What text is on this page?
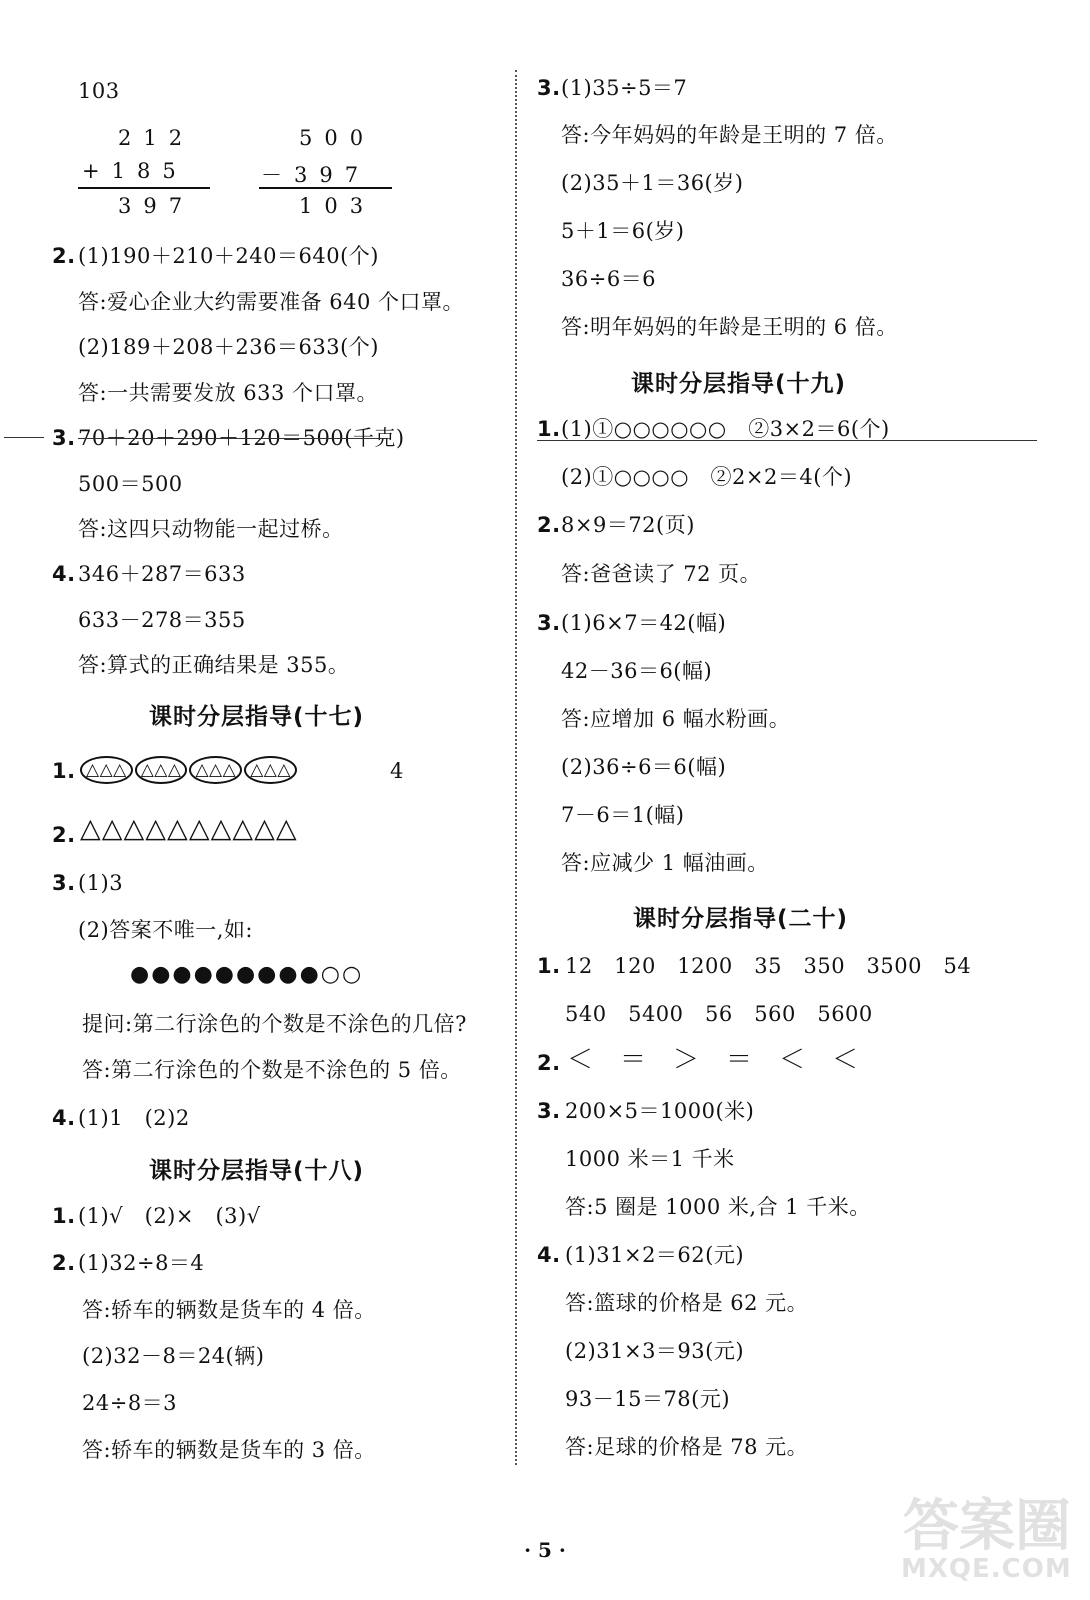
103
212
+185
397
500
－397
103
2. (1)190＋210＋240＝640(个)
答:爱心企业大约需要准备 640 个口罩。
(2)189＋208＋236＝633(个)
答:一共需要发放 633 个口罩。
3. 70＋20＋290＋120＝500(千克)
500＝500
答:这四只动物能一起过桥。
4. 346＋287＝633
633－278＝355
答:算式的正确结果是 355。
课时分层指导(十七)
1. △△△ △△△ △△△ △△△	4
2. △△△△△△△△△△
3. (1)3
(2)答案不唯一,如:
●●●●●●●●●○○
提问:第二行涂色的个数是不涂色的几倍?
答:第二行涂色的个数是不涂色的 5 倍。
4. (1)1　(2)2
课时分层指导(十八)
1. (1)√　(2)×　(3)√
2. (1)32÷8＝4
答:轿车的辆数是货车的 4 倍。
(2)32－8＝24(辆)
24÷8＝3
答:轿车的辆数是货车的 3 倍。
3. (1)35÷5＝7
答:今年妈妈的年龄是王明的 7 倍。
(2)35＋1＝36(岁)
5＋1＝6(岁)
36÷6＝6
答:明年妈妈的年龄是王明的 6 倍。
课时分层指导(十九)
1. (1)①○○○○○○　②3×2＝6(个)
(2)①○○○○　②2×2＝4(个)
2. 8×9＝72(页)
答:爸爸读了 72 页。
3. (1)6×7＝42(幅)
42－36＝6(幅)
答:应增加 6 幅水粉画。
(2)36÷6＝6(幅)
7－6＝1(幅)
答:应减少 1 幅油画。
课时分层指导(二十)
1. 12　120　1200　35　350　3500　54
540　5400　56　560　5600
2. ＜　＝　＞　＝　＜　＜
3. 200×5＝1000(米)
1000 米＝1 千米
答:5 圈是 1000 米,合 1 千米。
4. (1)31×2＝62(元)
答:篮球的价格是 62 元。
(2)31×3＝93(元)
93－15＝78(元)
答:足球的价格是 78 元。
· 5 ·	答案圈
MXQE.COM
